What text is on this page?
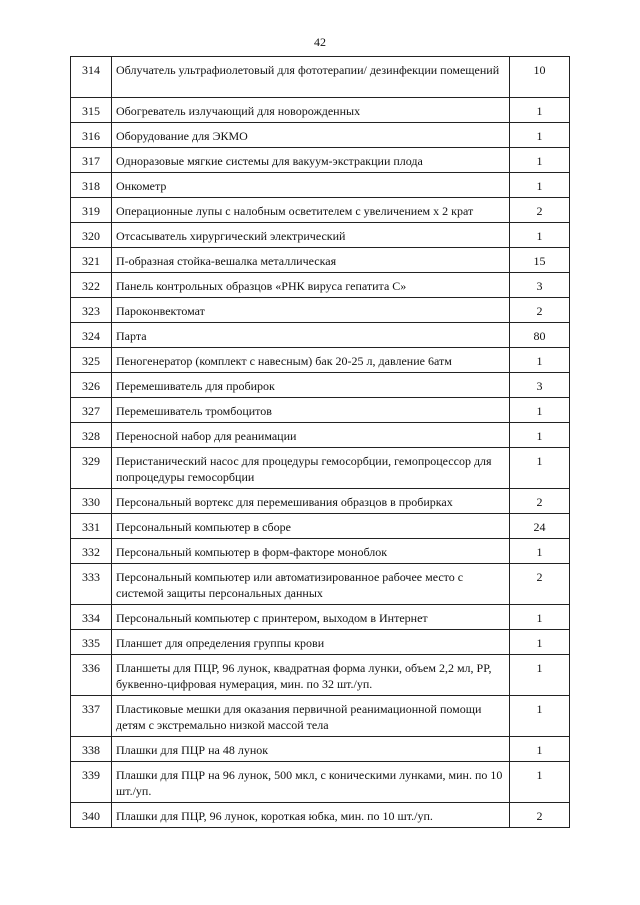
42
314	Облучатель ультрафиолетовый для фототерапии/ дезинфекции помещений	10
315	Обогреватель излучающий для новорожденных	1
316	Оборудование для ЭКМО	1
317	Одноразовые мягкие системы для вакуум-экстракции плода	1
318	Онкометр	1
319	Операционные лупы с налобным осветителем с увеличением х 2 крат	2
320	Отсасыватель хирургический электрический	1
321	П-образная стойка-вешалка металлическая	15
322	Панель контрольных образцов «РНК вируса гепатита С»	3
323	Пароконвектомат	2
324	Парта	80
325	Пеногенератор (комплект с навесным) бак 20-25 л, давление 6атм	1
326	Перемешиватель для пробирок	3
327	Перемешиватель тромбоцитов	1
328	Переносной набор для реанимации	1
329	Перистанический насос для процедуры гемосорбции, гемопроцессор для попроцедуры гемосорбции	1
330	Персональный вортекс для перемешивания образцов в пробирках	2
331	Персональный компьютер в сборе	24
332	Персональный компьютер в форм-факторе моноблок	1
333	Персональный компьютер или автоматизированное рабочее место с системой защиты персональных данных	2
334	Персональный компьютер с принтером, выходом в Интернет	1
335	Планшет для определения группы крови	1
336	Планшеты для ПЦР, 96 лунок, квадратная форма лунки, объем 2,2 мл, PP, буквенно-цифровая нумерация, мин. по 32 шт./уп.	1
337	Пластиковые мешки для оказания первичной реанимационной помощи детям с экстремально низкой массой тела	1
338	Плашки для ПЦР на 48 лунок	1
339	Плашки для ПЦР на 96 лунок, 500 мкл, с коническими лунками, мин. по 10 шт./уп.	1
340	Плашки для ПЦР, 96 лунок, короткая юбка, мин. по 10 шт./уп.	2
